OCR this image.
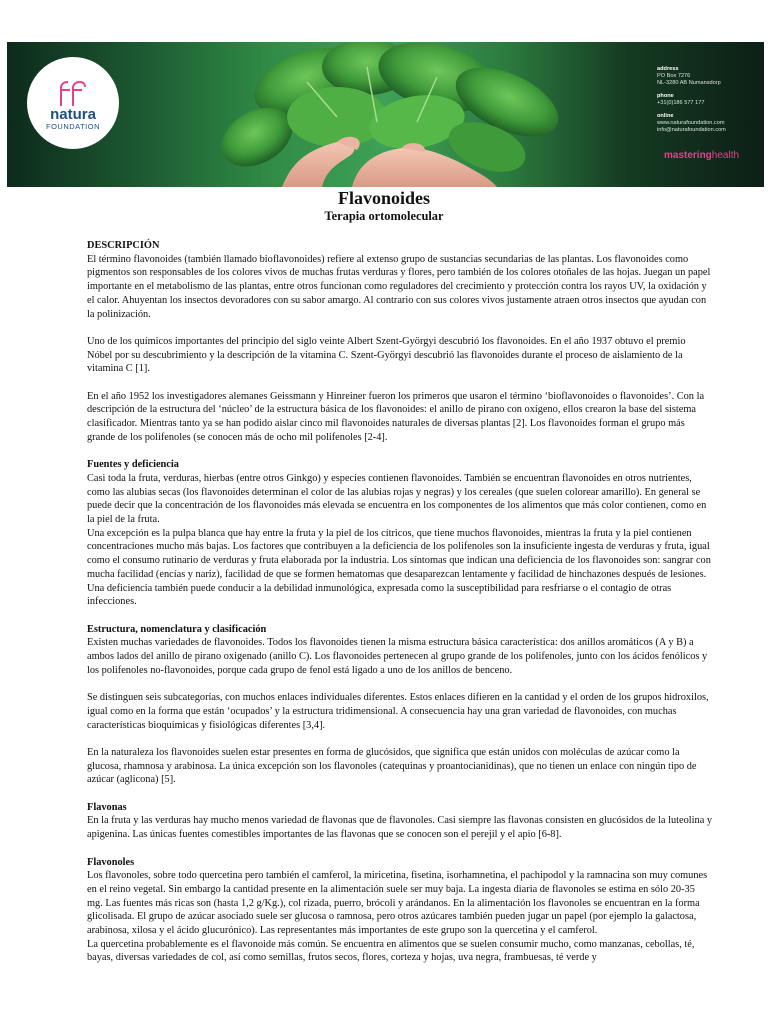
natura
FOUNDATION
address
PO Box 7276
NL-3280 AB Numansdorp
phone
+31(0)186 577 177
online
www.naturafoundation.com
info@naturafoundation.com
masteringhealth
Flavonoides
Terapia ortomolecular
DESCRIPCIÓN

El término flavonoides (también llamado bioflavonoides) refiere al extenso grupo de sustancias secundarias de las plantas. Los flavonoides como pigmentos son responsables de los colores vivos de muchas frutas verduras y flores, pero también de los colores otoñales de las hojas. Juegan un papel importante en el metabolismo de las plantas, entre otros funcionan como reguladores del crecimiento y protección contra los rayos UV, la oxidación y el calor. Ahuyentan los insectos devoradores con su sabor amargo. Al contrario con sus colores vivos justamente atraen otros insectos que ayudan con la polinización.

Uno de los químicos importantes del principio del siglo veinte Albert Szent-Györgyi descubrió los flavonoides. En el año 1937 obtuvo el premio Nóbel por su descubrimiento y la descripción de la vitamina C. Szent-Györgyi descubrió las flavonoides durante el proceso de aislamiento de la vitamina C [1].

En el año 1952 los investigadores alemanes Geissmann y Hinreiner fueron los primeros que usaron el término ‘bioflavonoides o flavonoides’. Con la descripción de la estructura del ‘núcleo’ de la estructura básica de los flavonoides: el anillo de pirano con oxígeno, ellos crearon la base del sistema clasificador. Mientras tanto ya se han podido aislar cinco mil flavonoides naturales de diversas plantas [2]. Los flavonoides forman el grupo más grande de los polifenoles (se conocen más de ocho mil polifenoles [2-4].

Fuentes y deficiencia

Casi toda la fruta, verduras, hierbas (entre otros Ginkgo) y especies contienen flavonoides. También se encuentran flavonoides en otros nutrientes, como las alubias secas (los flavonoides determinan el color de las alubias rojas y negras) y los cereales (que suelen colorear amarillo). En general se puede decir que la concentración de los flavonoides más elevada se encuentra en los componentes de los alimentos que más color contienen, como en la piel de la fruta.

Una excepción es la pulpa blanca que hay entre la fruta y la piel de los cítricos, que tiene muchos flavonoides, mientras la fruta y la piel contienen concentraciones mucho más bajas. Los factores que contribuyen a la deficiencia de los polifenoles son la insuficiente ingesta de verduras y fruta, igual como el consumo rutinario de verduras y fruta elaborada por la industria. Los síntomas que indican una deficiencia de los flavonoides son: sangrar con mucha facilidad (encías y nariz), facilidad de que se formen hematomas que desaparezcan lentamente y facilidad de hinchazones después de lesiones. Una deficiencia también puede conducir a la debilidad inmunológica, expresada como la susceptibilidad para resfriarse o el contagio de otras infecciones.

Estructura, nomenclatura y clasificación

Existen muchas variedades de flavonoides. Todos los flavonoides tienen la misma estructura básica característica: dos anillos aromáticos (A y B) a ambos lados del anillo de pirano oxigenado (anillo C). Los flavonoides pertenecen al grupo grande de los polifenoles, junto con los ácidos fenólicos y los polifenoles no-flavonoides, porque cada grupo de fenol está ligado a uno de los anillos de benceno.

Se distinguen seis subcategorías, con muchos enlaces individuales diferentes. Estos enlaces difieren en la cantidad y el orden de los grupos hidroxilos, igual como en la forma que están ‘ocupados’ y la estructura tridimensional. A consecuencia hay una gran variedad de flavonoides, con muchas características bioquímicas y fisiológicas diferentes [3,4].

En la naturaleza los flavonoides suelen estar presentes en forma de glucósidos, que significa que están unidos con moléculas de azúcar como la glucosa, rhamnosa y arabinosa. La única excepción son los flavonoles (catequinas y proantocianidinas), que no tienen un enlace con ningún tipo de azúcar (aglicona) [5].

Flavonas

En la fruta y las verduras hay mucho menos variedad de flavonas que de flavonoles. Casi siempre las flavonas consisten en glucósidos de la luteolina y apigenina. Las únicas fuentes comestibles importantes de las flavonas que se conocen son el perejil y el apio [6-8].

Flavonoles

Los flavonoles, sobre todo quercetina pero también el camferol, la miricetina, fisetina, isorhamnetina, el pachipodol y la ramnacina son muy comunes en el reino vegetal. Sin embargo la cantidad presente en la alimentación suele ser muy baja. La ingesta diaria de flavonoles se estima en sólo 20-35 mg. Las fuentes más ricas son (hasta 1,2 g/Kg.), col rizada, puerro, brócoli y arándanos. En la alimentación los flavonoles se encuentran en la forma glicolisada. El grupo de azúcar asociado suele ser glucosa o ramnosa, pero otros azúcares también pueden jugar un papel (por ejemplo la galactosa, arabinosa, xilosa y el ácido glucurónico). Las representantes más importantes de este grupo son la quercetina y el camferol.

La quercetina probablemente es el flavonoide más común. Se encuentra en alimentos que se suelen consumir mucho, como manzanas, cebollas, té, bayas, diversas variedades de col, así como semillas, frutos secos, flores, corteza y hojas, uva negra, frambuesas, té verde y
